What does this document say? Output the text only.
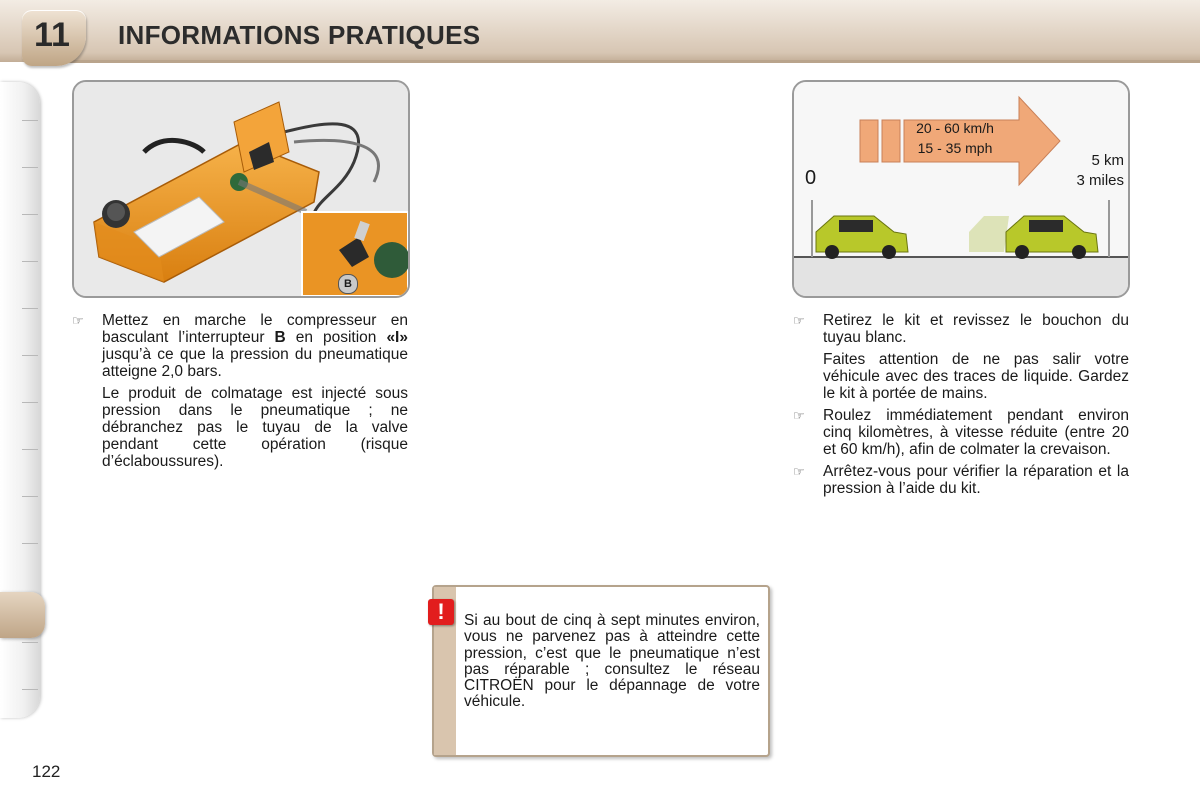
11 INFORMATIONS PRATIQUES
B
20 - 60 km/h
15 - 35 mph
0
5 km
3 miles

☞ Mettez en marche le compresseur en basculant l’interrupteur B en position «I» jusqu’à ce que la pression du pneumatique atteigne 2,0 bars.

Le produit de colmatage est injecté sous pression dans le pneumatique ; ne débranchez pas le tuyau de la valve pendant cette opération (risque d’éclaboussures).

☞ Retirez le kit et revissez le bouchon du tuyau blanc.

Faites attention de ne pas salir votre véhicule avec des traces de liquide. Gardez le kit à portée de mains.

☞ Roulez immédiatement pendant environ cinq kilomètres, à vitesse réduite (entre 20 et 60 km/h), afin de colmater la crevaison.

☞ Arrêtez-vous pour vérifier la réparation et la pression à l’aide du kit.

!	Si au bout de cinq à sept minutes environ, vous ne parvenez pas à atteindre cette pression, c’est que le pneumatique n’est pas réparable ; consultez le réseau CITROËN pour le dépannage de votre véhicule.
122
